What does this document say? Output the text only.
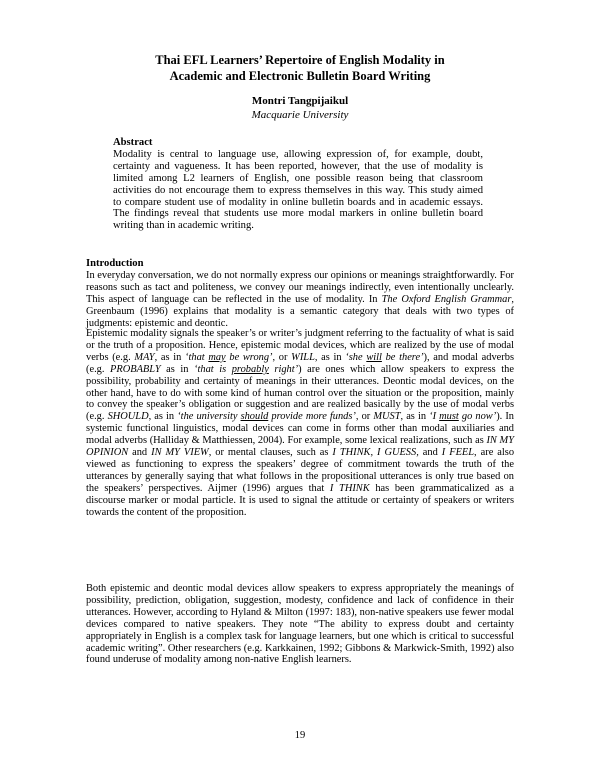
Thai EFL Learners’ Repertoire of English Modality in
Academic and Electronic Bulletin Board Writing
Montri Tangpijaikul
Macquarie University
Abstract
Modality is central to language use, allowing expression of, for example, doubt, certainty and vagueness. It has been reported, however, that the use of modality is limited among L2 learners of English, one possible reason being that classroom activities do not encourage them to express themselves in this way. This study aimed to compare student use of modality in online bulletin boards and in academic essays. The findings reveal that students use more modal markers in online bulletin board writing than in academic writing.
Introduction
In everyday conversation, we do not normally express our opinions or meanings straightforwardly. For reasons such as tact and politeness, we convey our meanings indirectly, even intentionally unclearly. This aspect of language can be reflected in the use of modality. In The Oxford English Grammar, Greenbaum (1996) explains that modality is a semantic category that deals with two types of judgments: epistemic and deontic.
Epistemic modality signals the speaker’s or writer’s judgment referring to the factuality of what is said or the truth of a proposition. Hence, epistemic modal devices, which are realized by the use of modal verbs (e.g. MAY, as in ‘that may be wrong’, or WILL, as in ‘she will be there’), and modal adverbs (e.g. PROBABLY as in ‘that is probably right’) are ones which allow speakers to express the possibility, probability and certainty of meanings in their utterances. Deontic modal devices, on the other hand, have to do with some kind of human control over the situation or the proposition, mainly to convey the speaker’s obligation or suggestion and are realized basically by the use of modal verbs (e.g. SHOULD, as in ‘the university should provide more funds’, or MUST, as in ‘I must go now’). In systemic functional linguistics, modal devices can come in forms other than modal auxiliaries and modal adverbs (Halliday & Matthiessen, 2004). For example, some lexical realizations, such as IN MY OPINION and IN MY VIEW, or mental clauses, such as I THINK, I GUESS, and I FEEL, are also viewed as functioning to express the speakers’ degree of commitment towards the truth of the utterances by generally saying that what follows in the propositional utterances is only true based on the speakers’ perspectives. Aijmer (1996) argues that I THINK has been grammaticalized as a discourse marker or modal particle. It is used to signal the attitude or certainty of speakers or writers towards the content of the proposition.
Both epistemic and deontic modal devices allow speakers to express appropriately the meanings of possibility, prediction, obligation, suggestion, modesty, confidence and lack of confidence in their utterances. However, according to Hyland & Milton (1997: 183), non-native speakers use fewer modal devices compared to native speakers. They note “The ability to express doubt and certainty appropriately in English is a complex task for language learners, but one which is critical to successful academic writing”. Other researchers (e.g. Karkkainen, 1992; Gibbons & Markwick-Smith, 1992) also found underuse of modality among non-native English learners.
19
